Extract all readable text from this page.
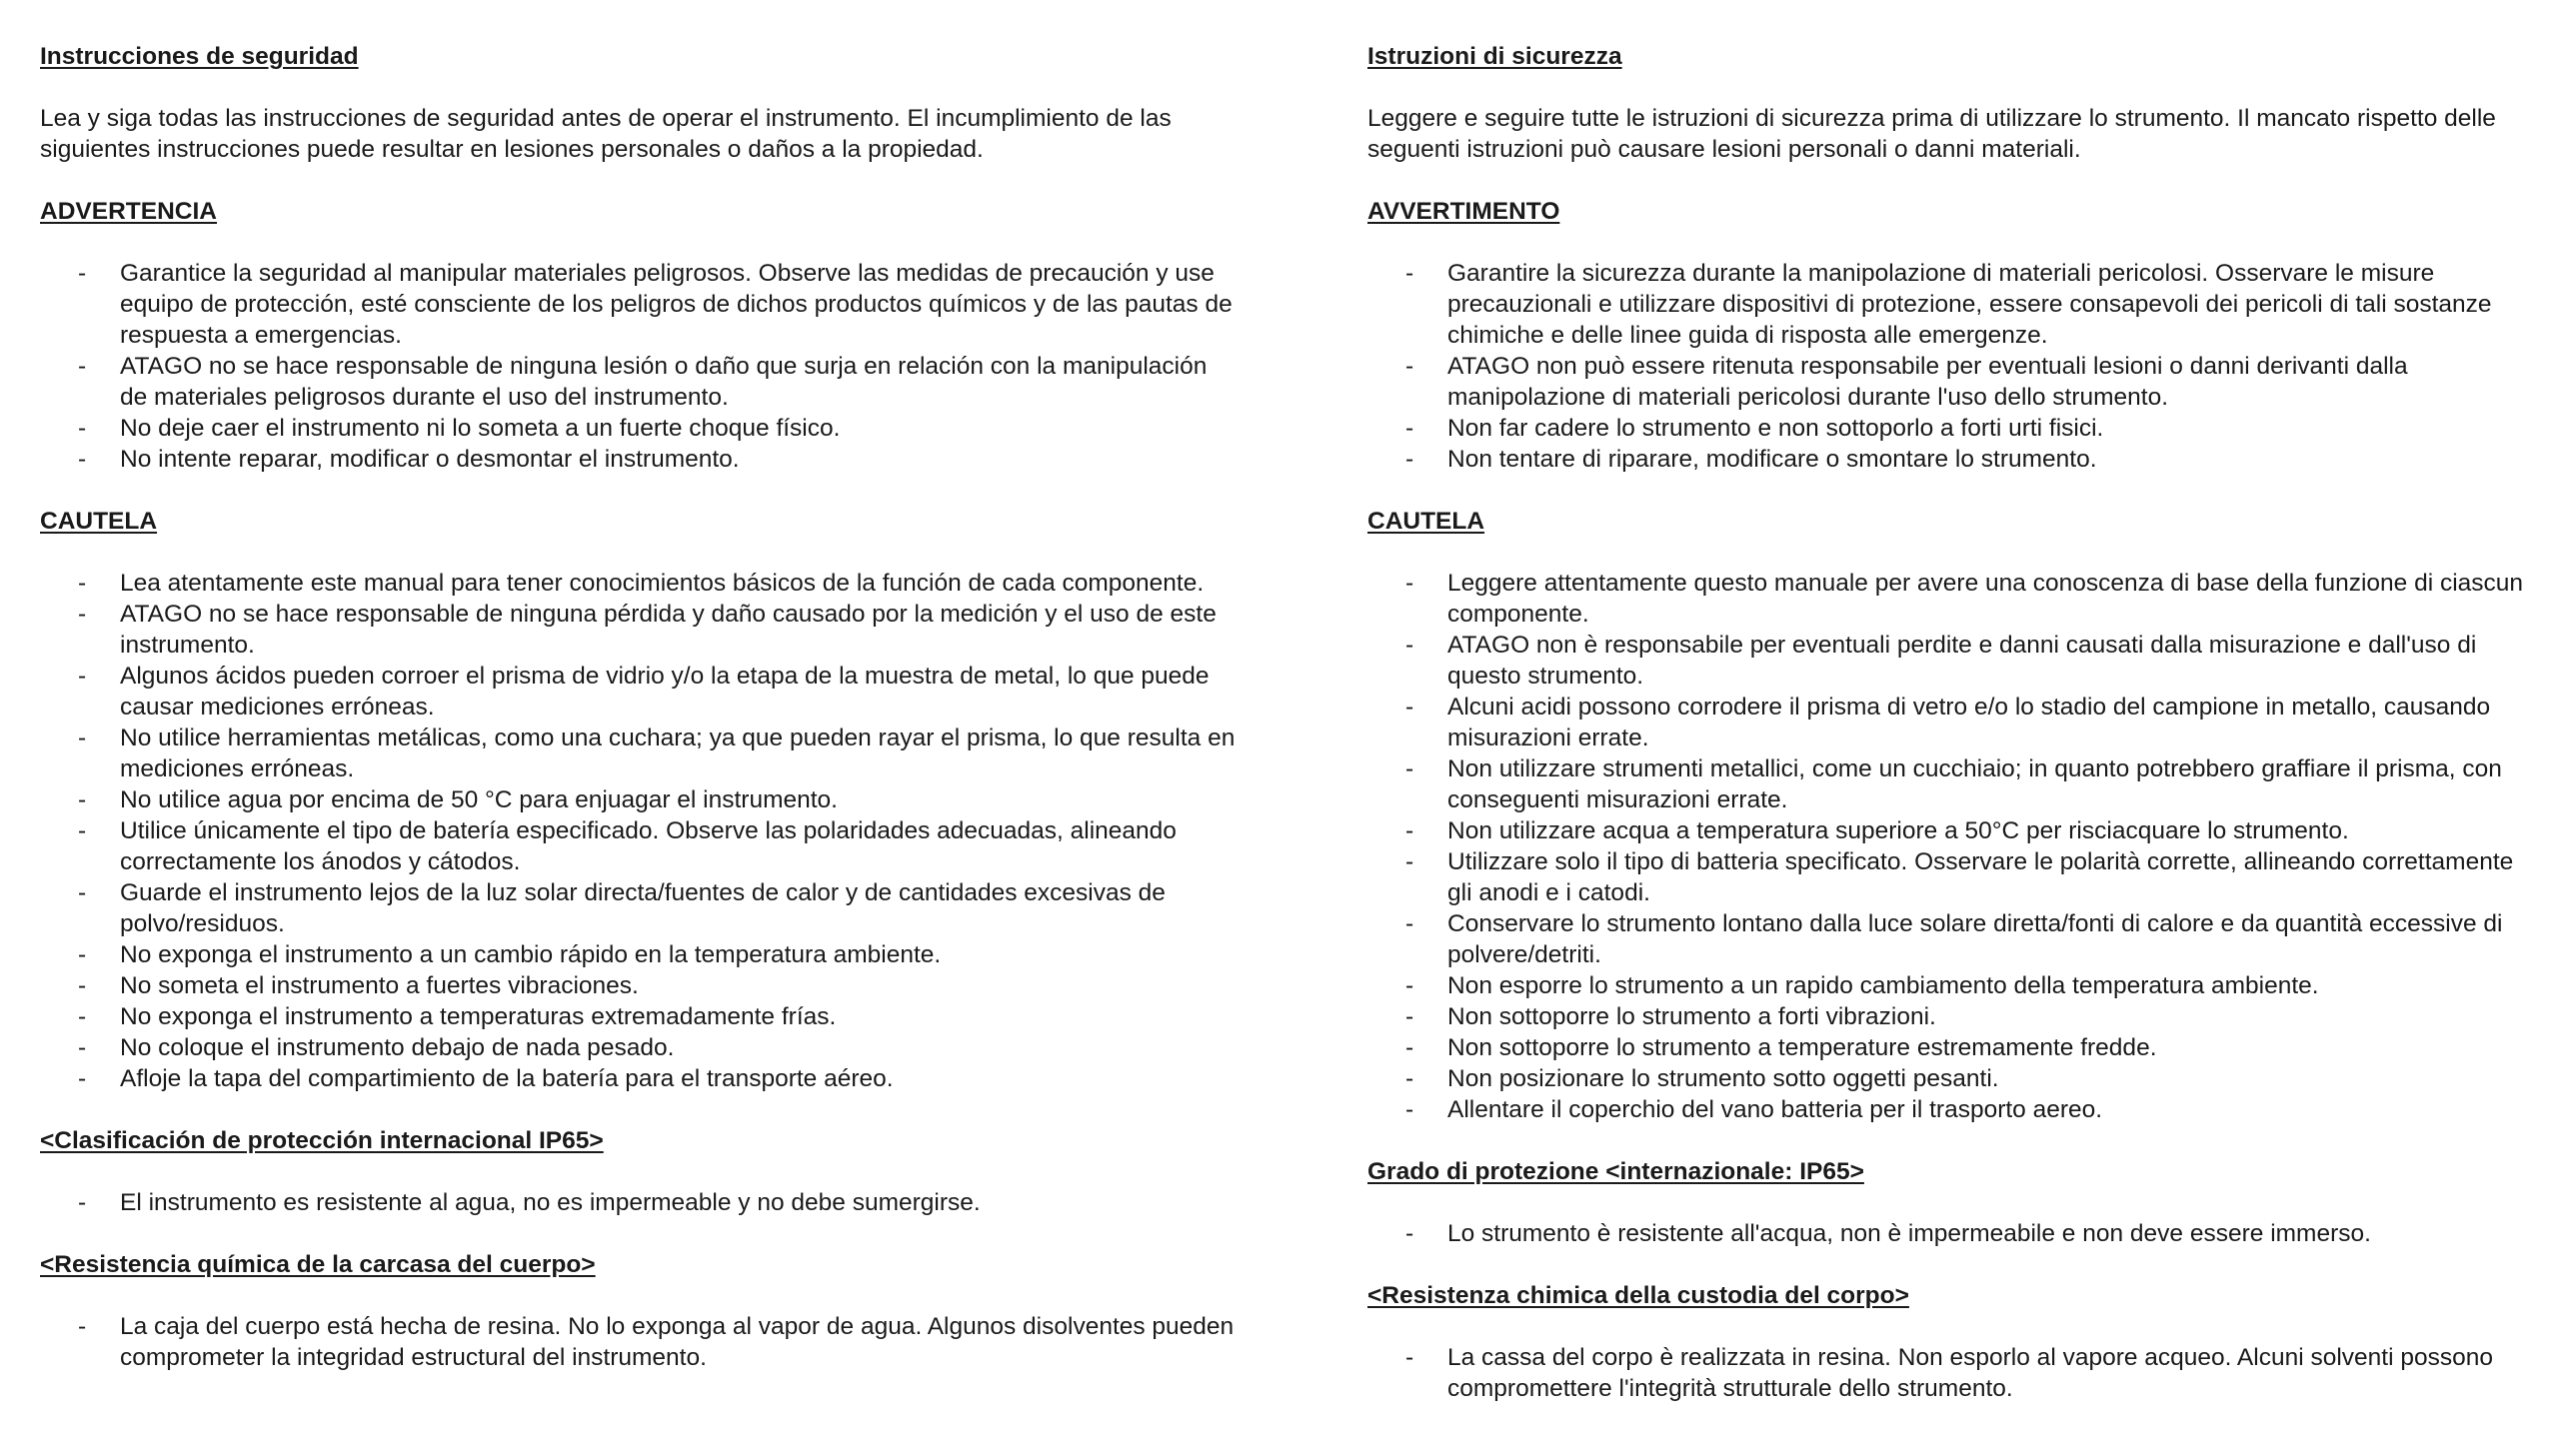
Instrucciones de seguridad

Lea y siga todas las instrucciones de seguridad antes de operar el instrumento. El incumplimiento de las siguientes instrucciones puede resultar en lesiones personales o daños a la propiedad.

ADVERTENCIA

- Garantice la seguridad al manipular materiales peligrosos. Observe las medidas de precaución y use equipo de protección, esté consciente de los peligros de dichos productos químicos y de las pautas de respuesta a emergencias.
- ATAGO no se hace responsable de ninguna lesión o daño que surja en relación con la manipulación de materiales peligrosos durante el uso del instrumento.
- No deje caer el instrumento ni lo someta a un fuerte choque físico.
- No intente reparar, modificar o desmontar el instrumento.

CAUTELA

- Lea atentamente este manual para tener conocimientos básicos de la función de cada componente.
- ATAGO no se hace responsable de ninguna pérdida y daño causado por la medición y el uso de este instrumento.
- Algunos ácidos pueden corroer el prisma de vidrio y/o la etapa de la muestra de metal, lo que puede causar mediciones erróneas.
- No utilice herramientas metálicas, como una cuchara; ya que pueden rayar el prisma, lo que resulta en mediciones erróneas.
- No utilice agua por encima de 50 °C para enjuagar el instrumento.
- Utilice únicamente el tipo de batería especificado. Observe las polaridades adecuadas, alineando correctamente los ánodos y cátodos.
- Guarde el instrumento lejos de la luz solar directa/fuentes de calor y de cantidades excesivas de polvo/residuos.
- No exponga el instrumento a un cambio rápido en la temperatura ambiente.
- No someta el instrumento a fuertes vibraciones.
- No exponga el instrumento a temperaturas extremadamente frías.
- No coloque el instrumento debajo de nada pesado.
- Afloje la tapa del compartimiento de la batería para el transporte aéreo.

<Clasificación de protección internacional IP65>

- El instrumento es resistente al agua, no es impermeable y no debe sumergirse.

<Resistencia química de la carcasa del cuerpo>

- La caja del cuerpo está hecha de resina. No lo exponga al vapor de agua. Algunos disolventes pueden comprometer la integridad estructural del instrumento.

Istruzioni di sicurezza

Leggere e seguire tutte le istruzioni di sicurezza prima di utilizzare lo strumento. Il mancato rispetto delle seguenti istruzioni può causare lesioni personali o danni materiali.

AVVERTIMENTO

- Garantire la sicurezza durante la manipolazione di materiali pericolosi. Osservare le misure precauzionali e utilizzare dispositivi di protezione, essere consapevoli dei pericoli di tali sostanze chimiche e delle linee guida di risposta alle emergenze.
- ATAGO non può essere ritenuta responsabile per eventuali lesioni o danni derivanti dalla manipolazione di materiali pericolosi durante l'uso dello strumento.
- Non far cadere lo strumento e non sottoporlo a forti urti fisici.
- Non tentare di riparare, modificare o smontare lo strumento.

CAUTELA

- Leggere attentamente questo manuale per avere una conoscenza di base della funzione di ciascun componente.
- ATAGO non è responsabile per eventuali perdite e danni causati dalla misurazione e dall'uso di questo strumento.
- Alcuni acidi possono corrodere il prisma di vetro e/o lo stadio del campione in metallo, causando misurazioni errate.
- Non utilizzare strumenti metallici, come un cucchiaio; in quanto potrebbero graffiare il prisma, con conseguenti misurazioni errate.
- Non utilizzare acqua a temperatura superiore a 50°C per risciacquare lo strumento.
- Utilizzare solo il tipo di batteria specificato. Osservare le polarità corrette, allineando correttamente gli anodi e i catodi.
- Conservare lo strumento lontano dalla luce solare diretta/fonti di calore e da quantità eccessive di polvere/detriti.
- Non esporre lo strumento a un rapido cambiamento della temperatura ambiente.
- Non sottoporre lo strumento a forti vibrazioni.
- Non sottoporre lo strumento a temperature estremamente fredde.
- Non posizionare lo strumento sotto oggetti pesanti.
- Allentare il coperchio del vano batteria per il trasporto aereo.

Grado di protezione <internazionale: IP65>

- Lo strumento è resistente all'acqua, non è impermeabile e non deve essere immerso.

<Resistenza chimica della custodia del corpo>

- La cassa del corpo è realizzata in resina. Non esporlo al vapore acqueo. Alcuni solventi possono compromettere l'integrità strutturale dello strumento.
